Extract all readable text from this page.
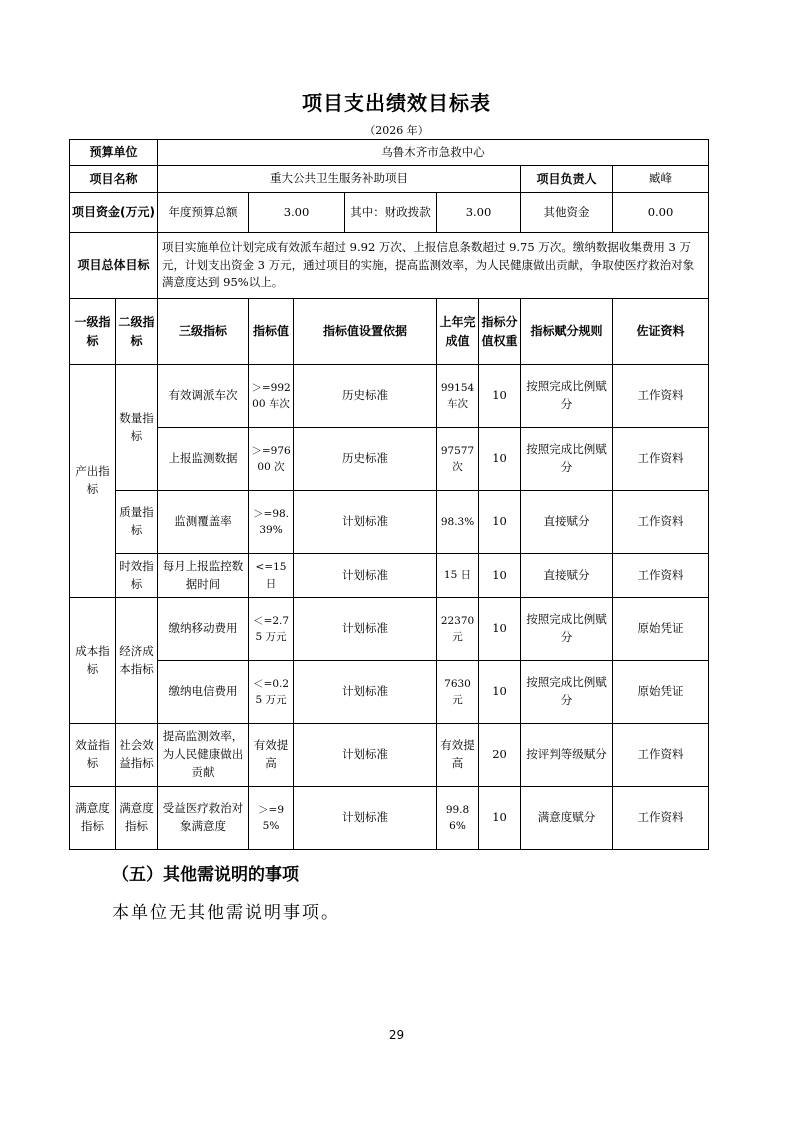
项目支出绩效目标表
（2026 年）
预算单位		乌鲁木齐市急救中心							
项目名称		重大公共卫生服务补助项目						项目负责人	臧峰
项目资金(万元)		年度预算总额	3.00		其中：财政拨款	3.00		其他资金	0.00
项目总体目标		项目实施单位计划完成有效派车超过 9.92 万次、上报信息条数超过 9.75 万次。缴纳数据收集费用 3 万元，计划支出资金 3 万元，通过项目的实施，提高监测效率，为人民健康做出贡献，争取使医疗救治对象满意度达到 95%以上。							
一级指标	二级指标	三级指标	指标值	指标值设置依据		上年完成值	指标分值权重	指标赋分规则	佐证资料
产出指标	数量指标	有效调派车次	＞=99200 车次	历史标准		99154 车次	10	按照完成比例赋分	工作资料
		上报监测数据	＞=97600 次	历史标准		97577 次	10	按照完成比例赋分	工作资料
	质量指标	监测覆盖率	＞=98.39%	计划标准		98.3%	10	直接赋分	工作资料
	时效指标	每月上报监控数据时间	<=15 日	计划标准		15 日	10	直接赋分	工作资料
成本指标	经济成本指标	缴纳移动费用	＜=2.75 万元	计划标准		22370 元	10	按照完成比例赋分	原始凭证
		缴纳电信费用	＜=0.25 万元	计划标准		7630 元	10	按照完成比例赋分	原始凭证
效益指标	社会效益指标	提高监测效率，为人民健康做出贡献	有效提高	计划标准		有效提高	20	按评判等级赋分	工作资料
满意度指标	满意度指标	受益医疗救治对象满意度	＞=95%	计划标准		99.86%	10	满意度赋分	工作资料
（五）其他需说明的事项
本单位无其他需说明事项。
29
